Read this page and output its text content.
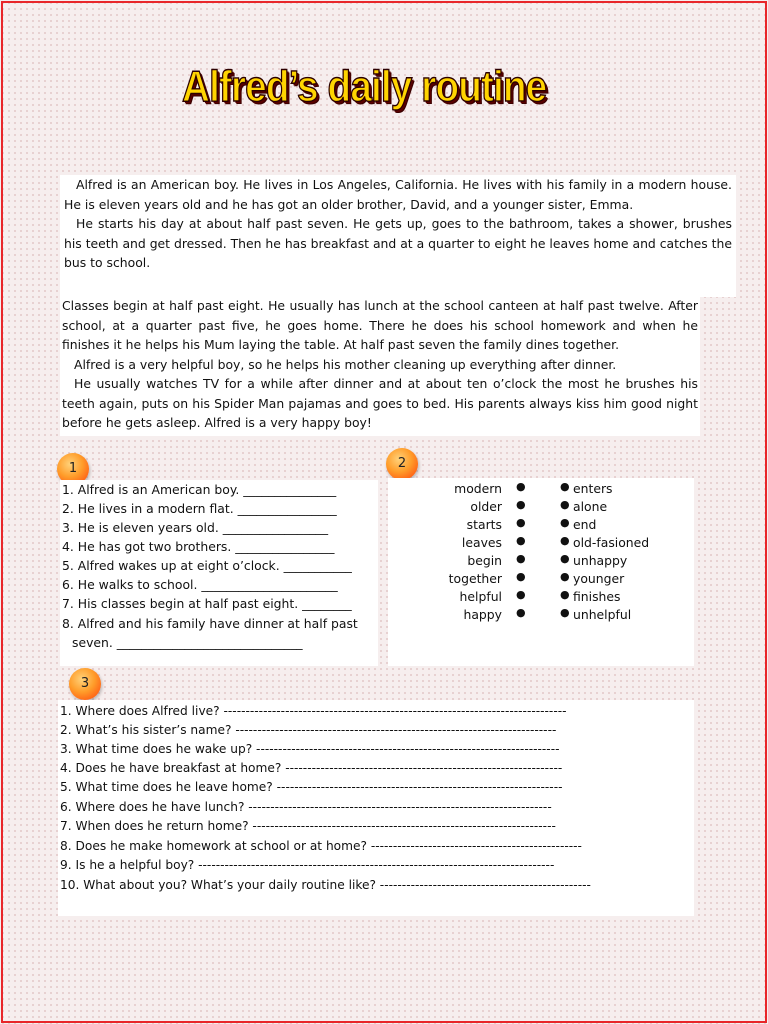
Alfred’s daily routine

Alfred is an American boy. He lives in Los Angeles, California. He lives with his family in a modern house. He is eleven years old and he has got an older brother, David, and a younger sister, Emma.

He starts his day at about half past seven. He gets up, goes to the bathroom, takes a shower, brushes his teeth and get dressed. Then he has breakfast and at a quarter to eight he leaves home and catches the bus to school.

Classes begin at half past eight. He usually has lunch at the school canteen at half past twelve. After school, at a quarter past five, he goes home. There he does his school homework and when he finishes it he helps his Mum laying the table. At half past seven the family dines together.

Alfred is a very helpful boy, so he helps his mother cleaning up everything after dinner.

He usually watches TV for a while after dinner and at about ten o’clock the most he brushes his teeth again, puts on his Spider Man pajamas and goes to bed. His parents always kiss him good night before he gets asleep. Alfred is a very happy boy!

1	2
3
1. Alfred is an American boy. _______________
2. He lives in a modern flat. ________________
3. He is eleven years old. _________________
4. He has got two brothers. ________________
5. Alfred wakes up at eight o’clock. ___________
6. He walks to school. ______________________
7. His classes begin at half past eight. ________
8. Alfred and his family have dinner at half past
seven. ______________________________
modern
older
starts
leaves
begin
together
helpful
happy
●
●
●
●
●
●
●
●
●
●
●
●
●
●
●
●
enters
alone
end
old-fasioned
unhappy
younger
finishes
unhelpful
1. Where does Alfred live? ------------------------------------------------------------------------------
2. What’s his sister’s name? -------------------------------------------------------------------------
3. What time does he wake up? ---------------------------------------------------------------------
4. Does he have breakfast at home? ---------------------------------------------------------------
5. What time does he leave home? -----------------------------------------------------------------
6. Where does he have lunch? ---------------------------------------------------------------------
7. When does he return home? ---------------------------------------------------------------------
8. Does he make homework at school or at home? ------------------------------------------------
9. Is he a helpful boy? ---------------------------------------------------------------------------------
10. What about you? What’s your daily routine like? ------------------------------------------------
